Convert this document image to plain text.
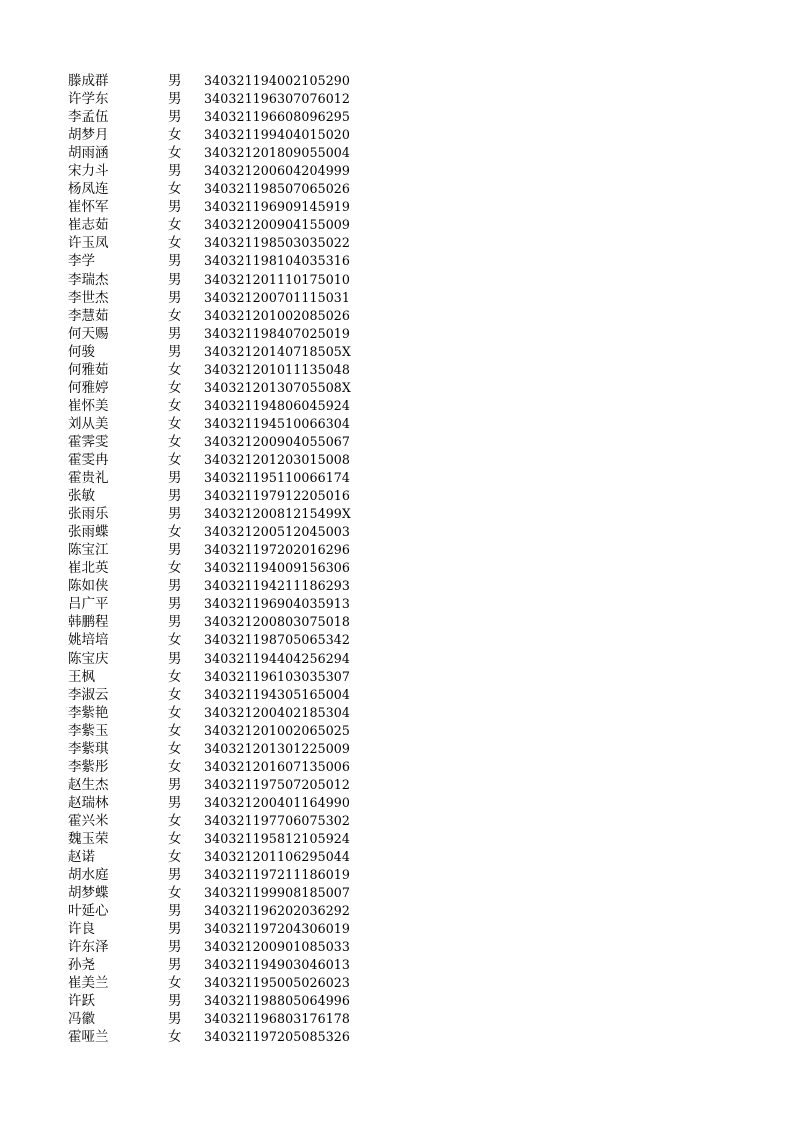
滕成群	男	340321194002105290
许学东	男	340321196307076012
李孟伍	男	340321196608096295
胡梦月	女	340321199404015020
胡雨涵	女	340321201809055004
宋力斗	男	340321200604204999
杨凤连	女	340321198507065026
崔怀军	男	340321196909145919
崔志茹	女	340321200904155009
许玉凤	女	340321198503035022
李学	男	340321198104035316
李瑞杰	男	340321201110175010
李世杰	男	340321200701115031
李慧茹	女	340321201002085026
何天赐	男	340321198407025019
何骏	男	34032120140718505X
何雅茹	女	340321201011135048
何雅婷	女	34032120130705508X
崔怀美	女	340321194806045924
刘从美	女	340321194510066304
霍霁雯	女	340321200904055067
霍雯冉	女	340321201203015008
霍贵礼	男	340321195110066174
张敏	男	340321197912205016
张雨乐	男	34032120081215499X
张雨蝶	女	340321200512045003
陈宝江	男	340321197202016296
崔北英	女	340321194009156306
陈如侠	男	340321194211186293
吕广平	男	340321196904035913
韩鹏程	男	340321200803075018
姚培培	女	340321198705065342
陈宝庆	男	340321194404256294
王枫	女	340321196103035307
李淑云	女	340321194305165004
李紫艳	女	340321200402185304
李紫玉	女	340321201002065025
李紫琪	女	340321201301225009
李紫彤	女	340321201607135006
赵生杰	男	340321197507205012
赵瑞林	男	340321200401164990
霍兴米	女	340321197706075302
魏玉荣	女	340321195812105924
赵诺	女	340321201106295044
胡水庭	男	340321197211186019
胡梦蝶	女	340321199908185007
叶延心	男	340321196202036292
许良	男	340321197204306019
许东泽	男	340321200901085033
孙尧	男	340321194903046013
崔美兰	女	340321195005026023
许跃	男	340321198805064996
冯徽	男	340321196803176178
霍哑兰	女	340321197205085326
